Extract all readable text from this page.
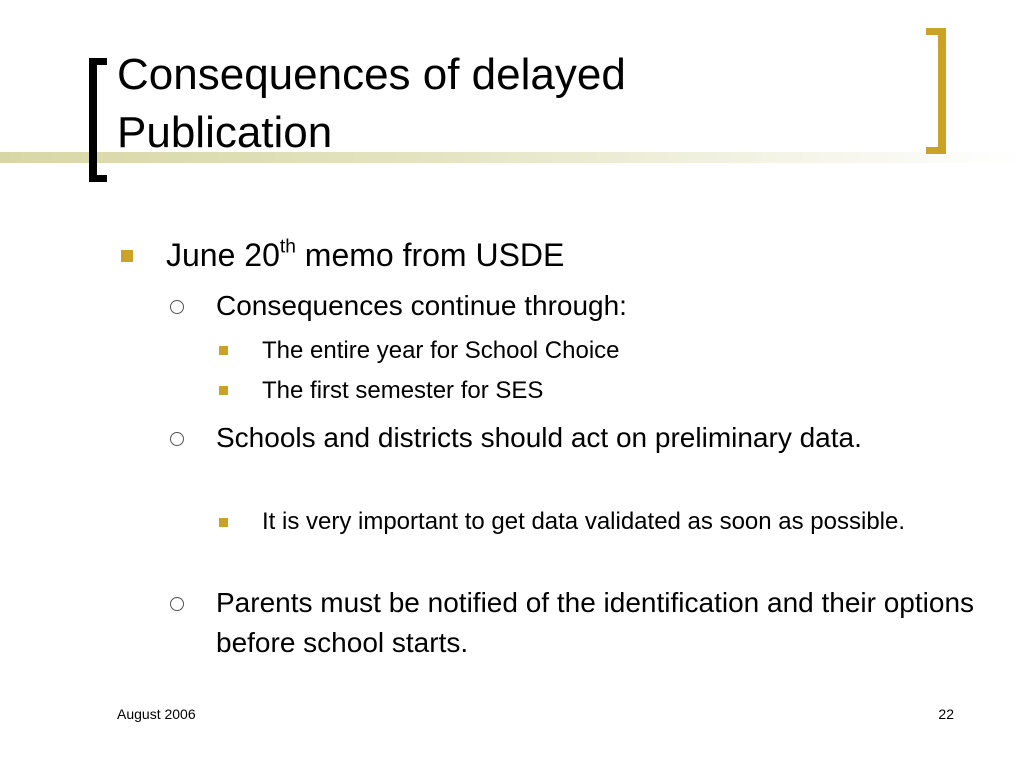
Consequences of delayed
Publication
June 20th memo from USDE
Consequences continue through:
The entire year for School Choice
The first semester for SES
Schools and districts should act on preliminary data.
It is very important to get data validated as soon as possible.
Parents must be notified of the identification and their options before school starts.
August 2006	22
